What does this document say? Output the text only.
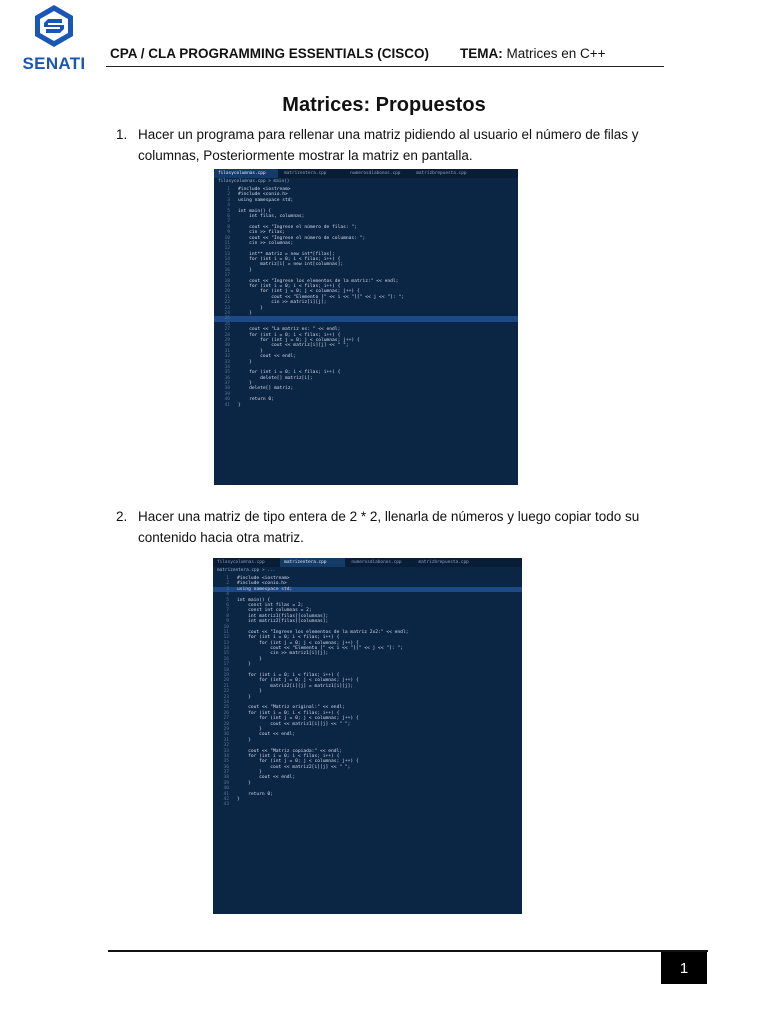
SENATI
CPA / CLA PROGRAMMING ESSENTIALS (CISCO) TEMA: Matrices en C++
Matrices: Propuestos
1. Hacer un programa para rellenar una matriz pidiendo al usuario el número de filas y columnas, Posteriormente mostrar la matriz en pantalla.
filasycolumnas.cpp	matrizentera.cpp	numerosdiabonos.cpp	matrizbrepuesta.cpp
filasycolumnas.cpp > main()
1 #include <iostream>
2 #include <conio.h>
3 using namespace std;
4
5 int main() {
6 int filas, columnas;
7
8 cout << "Ingrese el número de filas: ";
9 cin >> filas;
10 cout << "Ingrese el número de columnas: ";
11 cin >> columnas;
12
13 int** matriz = new int*[filas];
14 for (int i = 0; i < filas; i++) {
15 matriz[i] = new int[columnas];
16 }
17
18 cout << "Ingrese los elementos de la matriz:" << endl;
19 for (int i = 0; i < filas; i++) {
20 for (int j = 0; j < columnas; j++) {
21 cout << "Elemento [" << i << "][" << j << "]: ";
22 cin >> matriz[i][j];
23 }
24 }
25
26
27 cout << "La matriz es: " << endl;
28 for (int i = 0; i < filas; i++) {
29 for (int j = 0; j < columnas; j++) {
30 cout << matriz[i][j] << " ";
31 }
32 cout << endl;
33 }
34
35 for (int i = 0; i < filas; i++) {
36 delete[] matriz[i];
37 }
38 delete[] matriz;
39
40 return 0;
41 }
2. Hacer una matriz de tipo entera de 2 * 2, llenarla de números y luego copiar todo su contenido hacia otra matriz.
filasycolumnas.cpp	matrizentera.cpp	numerosdiabonos.cpp	matrizbrepuesta.cpp
matrizentera.cpp > ...
1 #include <iostream>
2 #include <conio.h>
3 using namespace std;
4
5 int main() {
6 const int filas = 2;
7 const int columnas = 2;
8 int matriz1[filas][columnas];
9 int matriz2[filas][columnas];
10
11 cout << "Ingrese los elementos de la matriz 2x2:" << endl;
12 for (int i = 0; i < filas; i++) {
13 for (int j = 0; j < columnas; j++) {
14 cout << "Elemento [" << i << "][" << j << "]: ";
15 cin >> matriz1[i][j];
16 }
17 }
18
19 for (int i = 0; i < filas; i++) {
20 for (int j = 0; j < columnas; j++) {
21 matriz2[i][j] = matriz1[i][j];
22 }
23 }
24
25 cout << "Matriz original:" << endl;
26 for (int i = 0; i < filas; i++) {
27 for (int j = 0; j < columnas; j++) {
28 cout << matriz1[i][j] << " ";
29 }
30 cout << endl;
31 }
32
33 cout << "Matriz copiada:" << endl;
34 for (int i = 0; i < filas; i++) {
35 for (int j = 0; j < columnas; j++) {
36 cout << matriz2[i][j] << " ";
37 }
38 cout << endl;
39 }
40
41 return 0;
42 }
43
1
